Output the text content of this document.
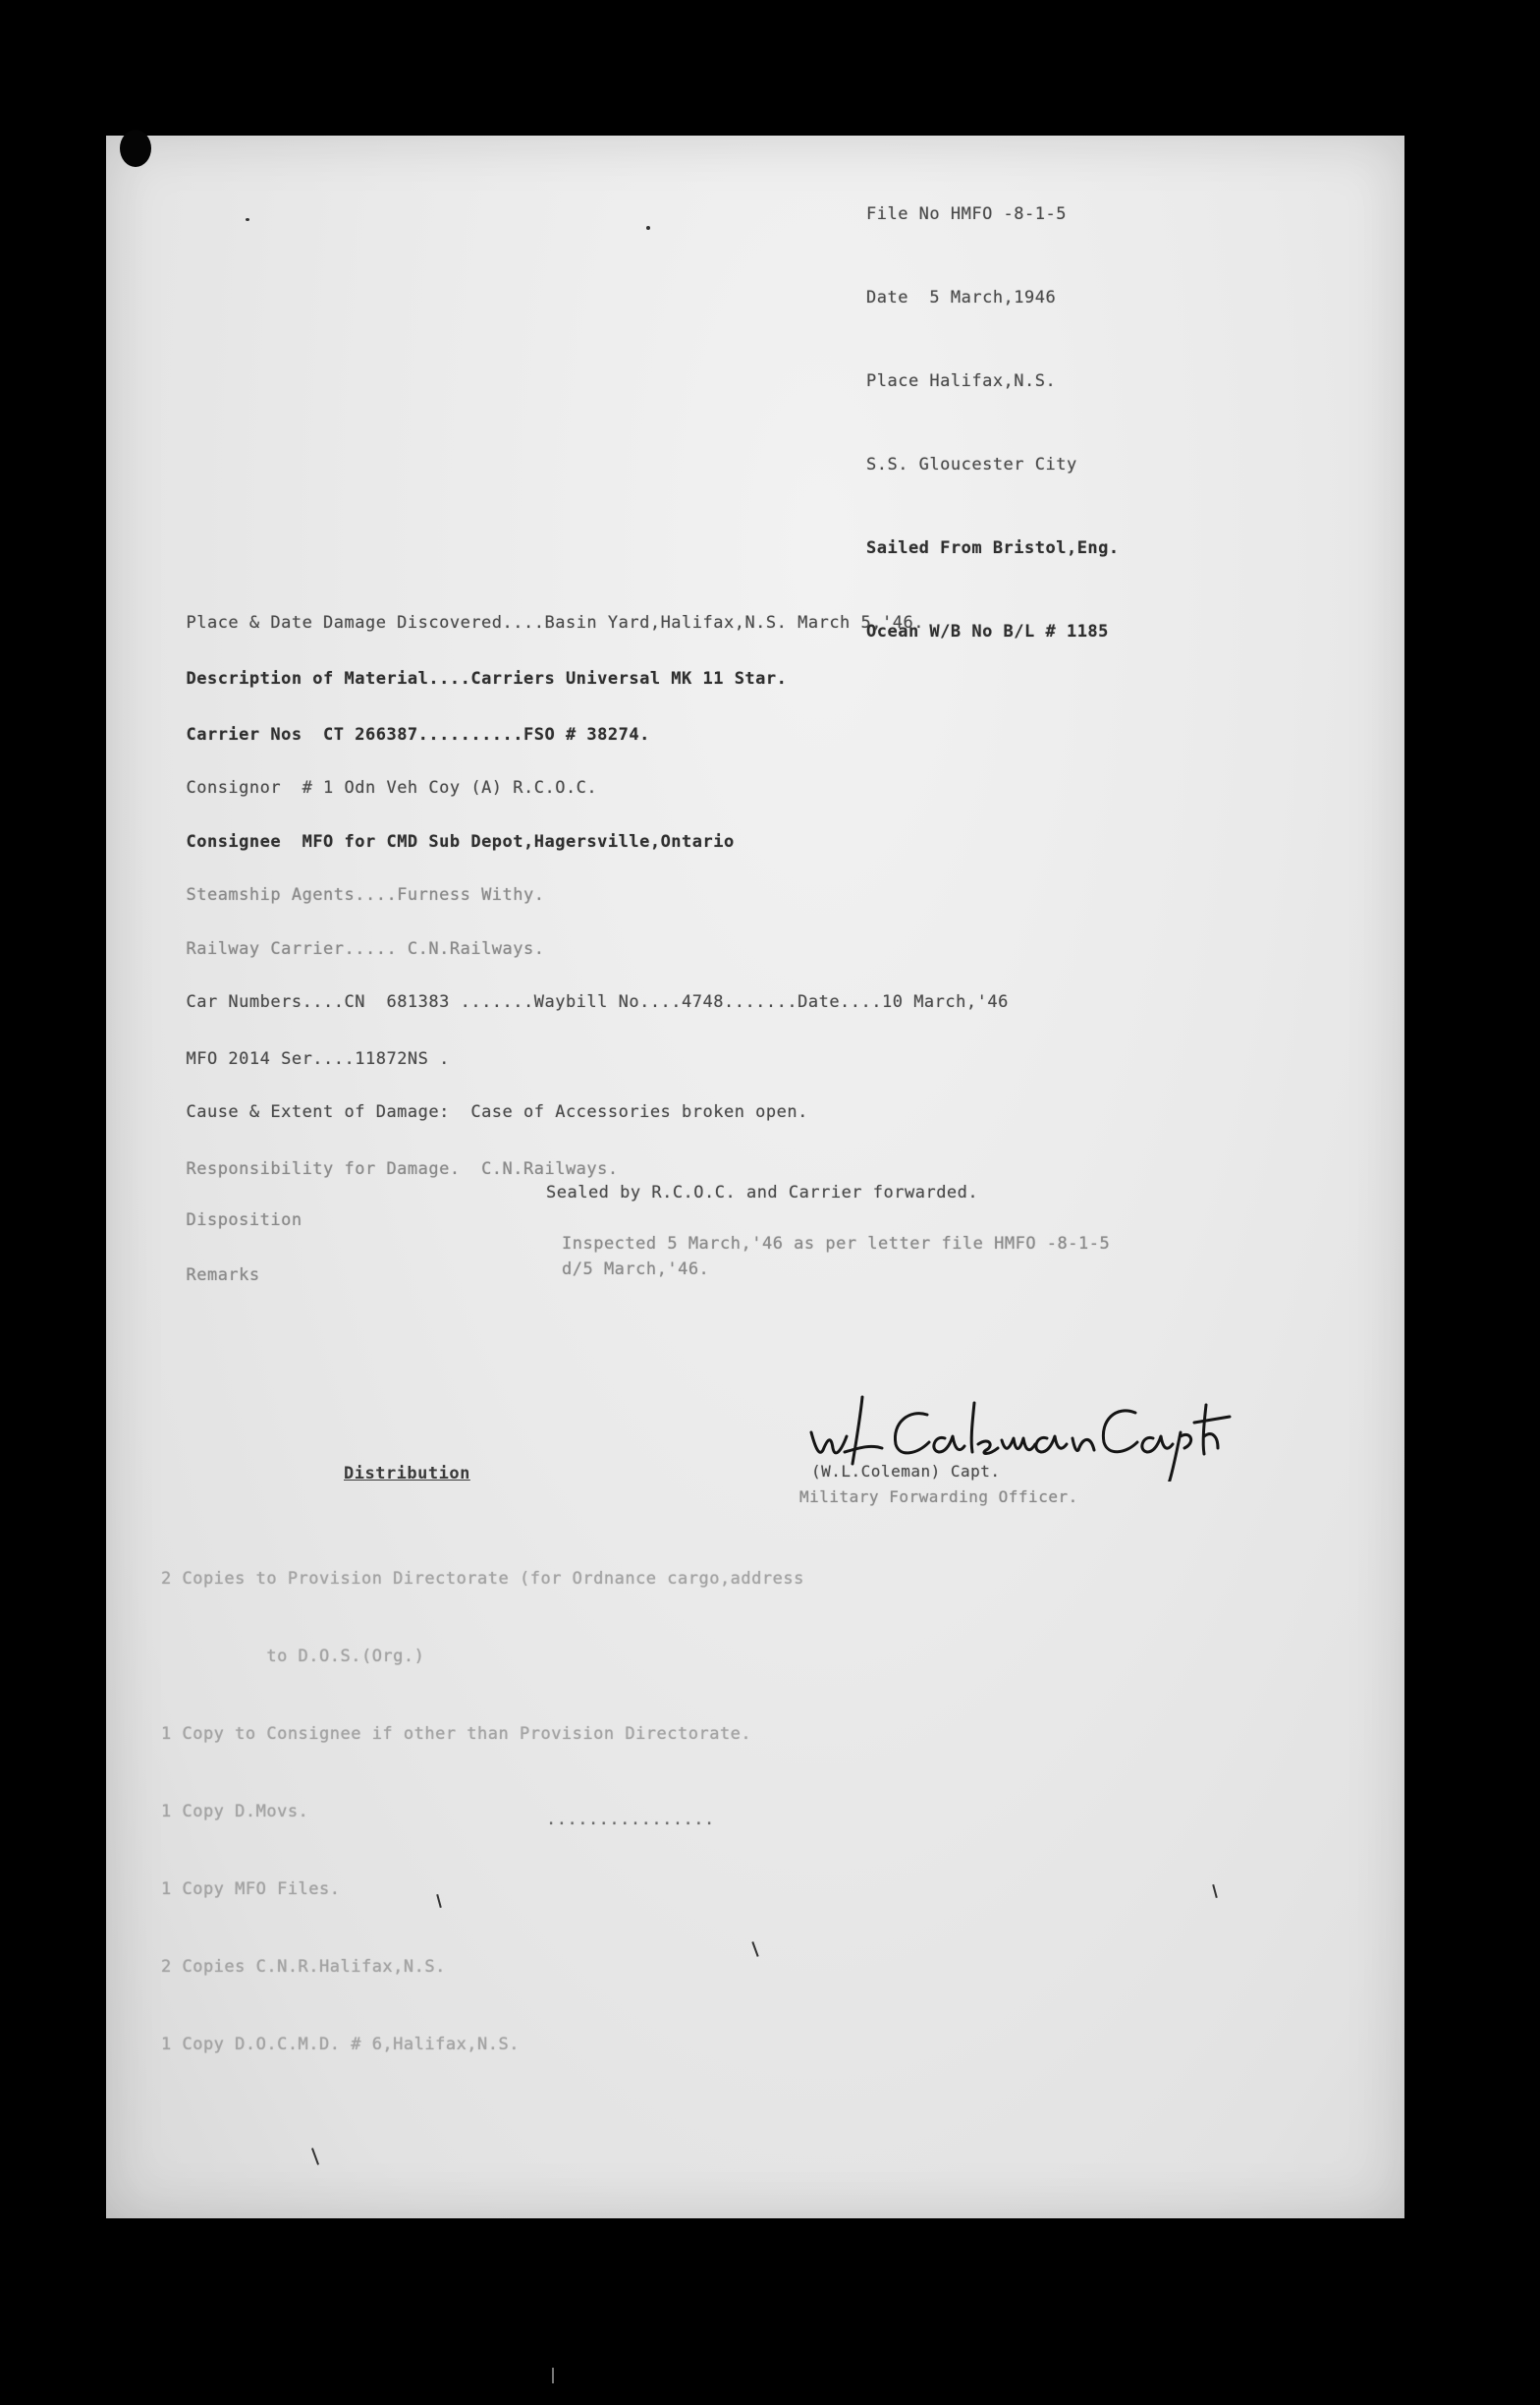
File No HMFO -8-1-5

Date  5 March,1946

Place Halifax,N.S.

S.S. Gloucester City

Sailed From Bristol,Eng.

Ocean W/B No B/L # 1185

Place & Date Damage Discovered....Basin Yard,Halifax,N.S. March 5,'46.

Description of Material....Carriers Universal MK 11 Star.

Carrier Nos  CT 266387..........FSO # 38274.

Consignor  # 1 Odn Veh Coy (A) R.C.O.C.

Consignee  MFO for CMD Sub Depot,Hagersville,Ontario

Steamship Agents....Furness Withy.

Railway Carrier..... C.N.Railways.

Car Numbers....CN  681383 .......Waybill No....4748.......Date....10 March,'46

MFO 2014 Ser....11872NS .

Cause & Extent of Damage:  Case of Accessories broken open.

Responsibility for Damage.  C.N.Railways.

Disposition

Sealed by R.C.O.C. and Carrier forwarded.

Remarks

Inspected 5 March,'46 as per letter file HMFO -8-1-5
d/5 March,'46.
(W.L.Coleman) Capt.
Military Forwarding Officer.
Distribution

2 Copies to Provision Directorate (for Ordnance cargo,address

to D.O.S.(Org.)

1 Copy to Consignee if other than Provision Directorate.

1 Copy D.Movs.

1 Copy MFO Files.

2 Copies C.N.R.Halifax,N.S.

1 Copy D.O.C.M.D. # 6,Halifax,N.S.

................
